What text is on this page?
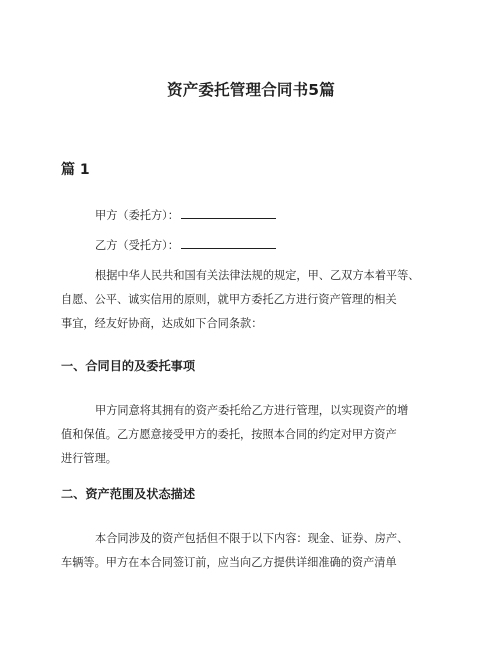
资产委托管理合同书5篇
篇 1
甲方（委托方）：
乙方（受托方）：
根据中华人民共和国有关法律法规的规定，甲、乙双方本着平等、
自愿、公平、诚实信用的原则，就甲方委托乙方进行资产管理的相关
事宜，经友好协商，达成如下合同条款：
一、合同目的及委托事项
甲方同意将其拥有的资产委托给乙方进行管理，以实现资产的增
值和保值。乙方愿意接受甲方的委托，按照本合同的约定对甲方资产
进行管理。
二、资产范围及状态描述
本合同涉及的资产包括但不限于以下内容：现金、证券、房产、
车辆等。甲方在本合同签订前，应当向乙方提供详细准确的资产清单
